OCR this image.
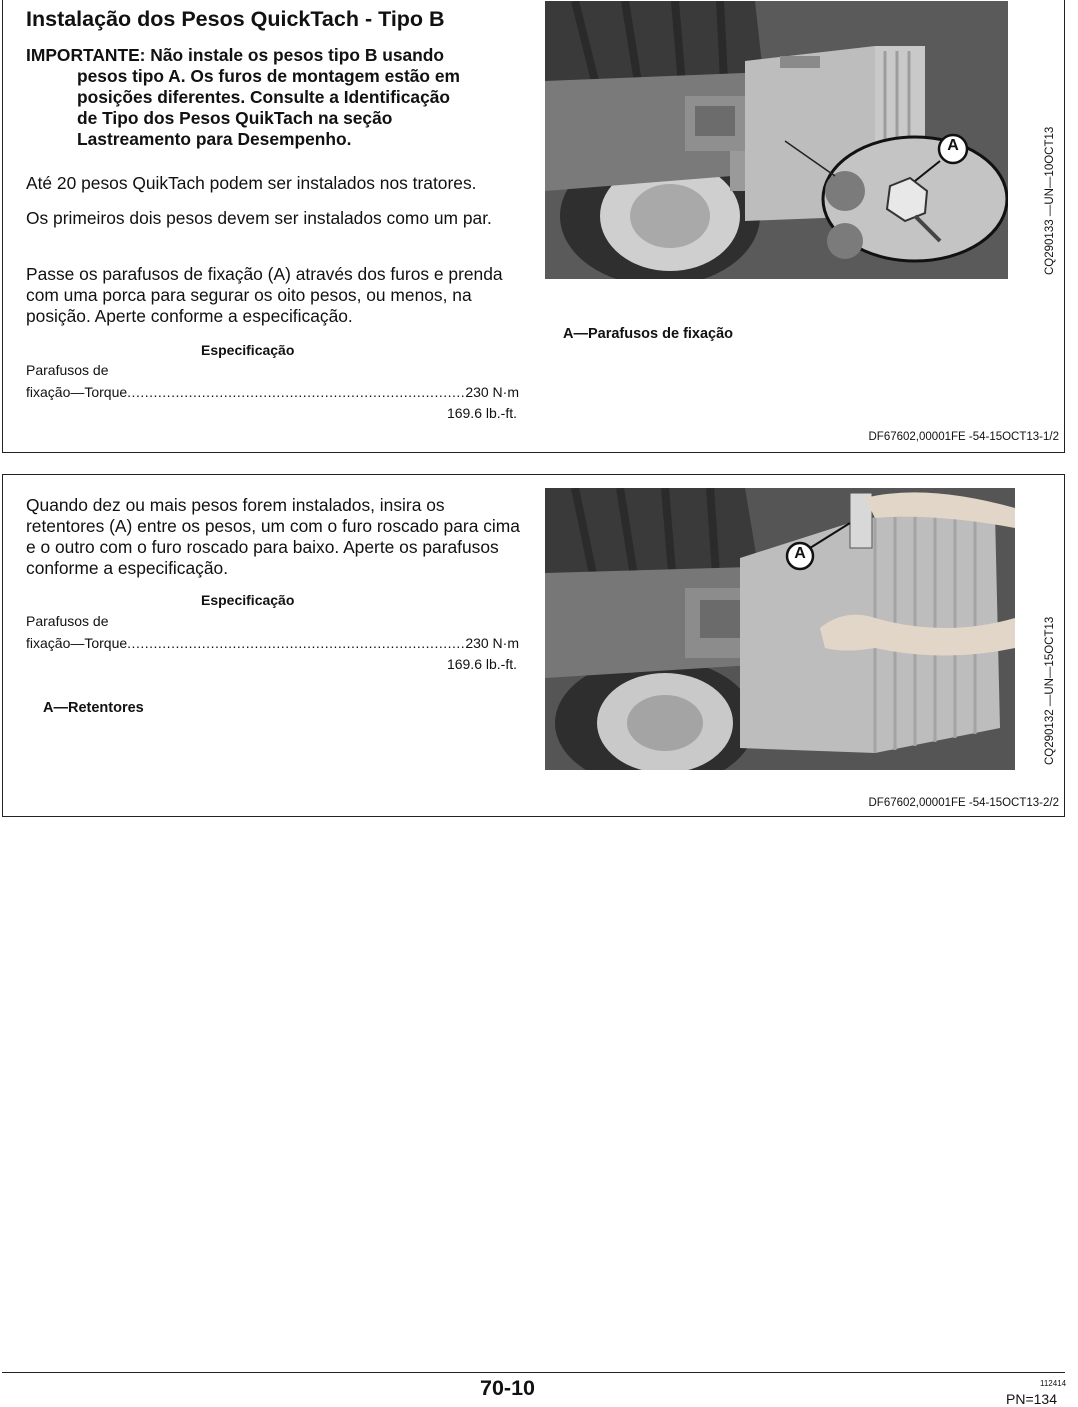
Instalação dos Pesos QuickTach - Tipo B
IMPORTANTE: Não instale os pesos tipo B usando
pesos tipo A. Os furos de montagem estão em
posições diferentes. Consulte a Identificação
de Tipo dos Pesos QuikTach na seção
Lastreamento para Desempenho.
Até 20 pesos QuikTach podem ser instalados nos tratores.
Os primeiros dois pesos devem ser instalados como um par.
Passe os parafusos de fixação (A) através dos furos e prenda com uma porca para segurar os oito pesos, ou menos, na posição. Aperte conforme a especificação.
Especificação
Parafusos de
fixação—Torque .....	230 N·m
169.6 lb.-ft.
A	CQ290133 —UN—10OCT13
A—Parafusos de fixação
DF67602,00001FE -54-15OCT13-1/2
Quando dez ou mais pesos forem instalados, insira os retentores (A) entre os pesos, um com o furo roscado para cima e o outro com o furo roscado para baixo. Aperte os parafusos conforme a especificação.
Especificação
Parafusos de
fixação—Torque .....	230 N·m
169.6 lb.-ft.
A—Retentores
A
CQ290132 —UN—15OCT13
DF67602,00001FE -54-15OCT13-2/2
70-10	112414
PN=134
